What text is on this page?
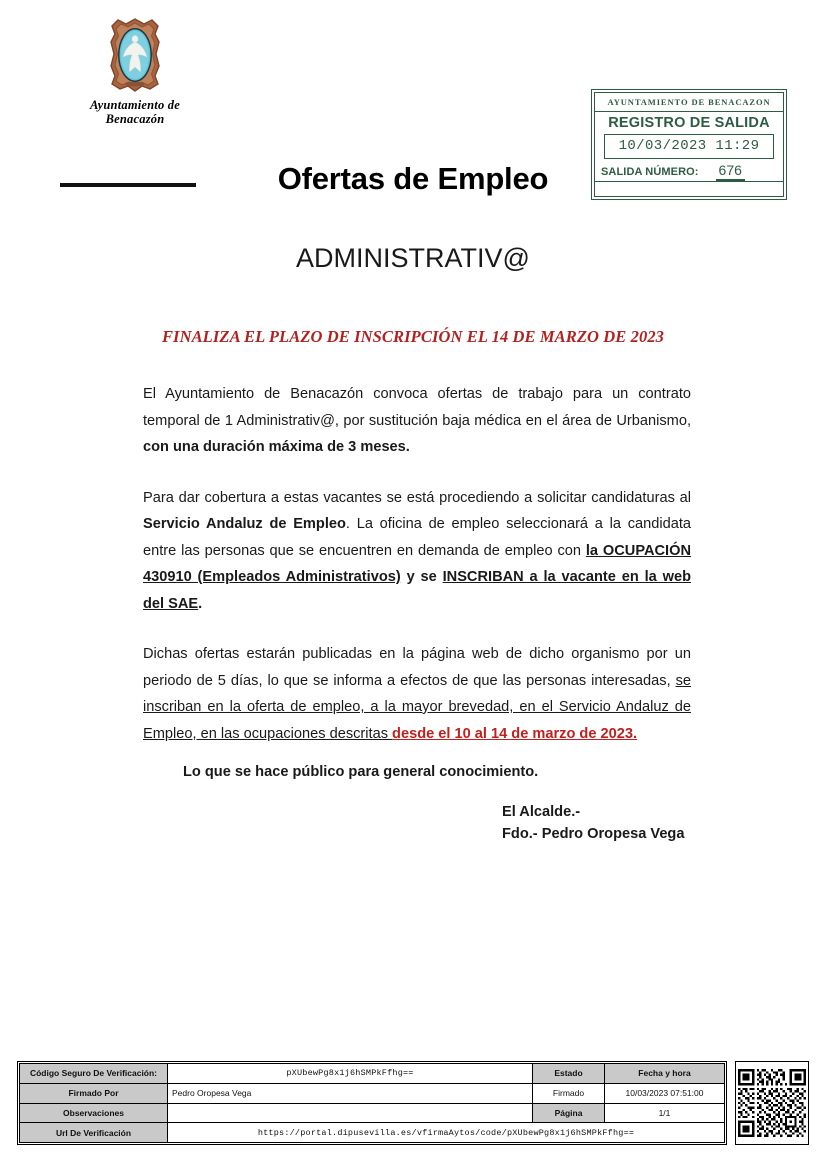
Ayuntamiento de
Benacazón
Ofertas de Empleo
AYUNTAMIENTO DE BENACAZON
REGISTRO DE SALIDA
10/03/2023 11:29
SALIDA NÚMERO: 676
ADMINISTRATIV@
FINALIZA EL PLAZO DE INSCRIPCIÓN EL 14 DE MARZO DE 2023

El Ayuntamiento de Benacazón convoca ofertas de trabajo para un contrato temporal de 1 Administrativ@, por sustitución baja médica en el área de Urbanismo, con una duración máxima de 3 meses.

Para dar cobertura a estas vacantes se está procediendo a solicitar candidaturas al Servicio Andaluz de Empleo. La oficina de empleo seleccionará a la candidata entre las personas que se encuentren en demanda de empleo con la OCUPACIÓN 430910 (Empleados Administrativos) y se INSCRIBAN a la vacante en la web del SAE.

Dichas ofertas estarán publicadas en la página web de dicho organismo por un periodo de 5 días, lo que se informa a efectos de que las personas interesadas, se inscriban en la oferta de empleo, a la mayor brevedad, en el Servicio Andaluz de Empleo, en las ocupaciones descritas desde el 10 al 14 de marzo de 2023.

Lo que se hace público para general conocimiento.
El Alcalde.-
Fdo.- Pedro Oropesa Vega
Código Seguro De Verificación:	pXUbewPg8x1j6hSMPkFfhg==	Estado	Fecha y hora
Firmado Por	Pedro Oropesa Vega	Firmado	10/03/2023 07:51:00
Observaciones		Página	1/1
Url De Verificación	https://portal.dipusevilla.es/vfirmaAytos/code/pXUbewPg8x1j6hSMPkFfhg==		
